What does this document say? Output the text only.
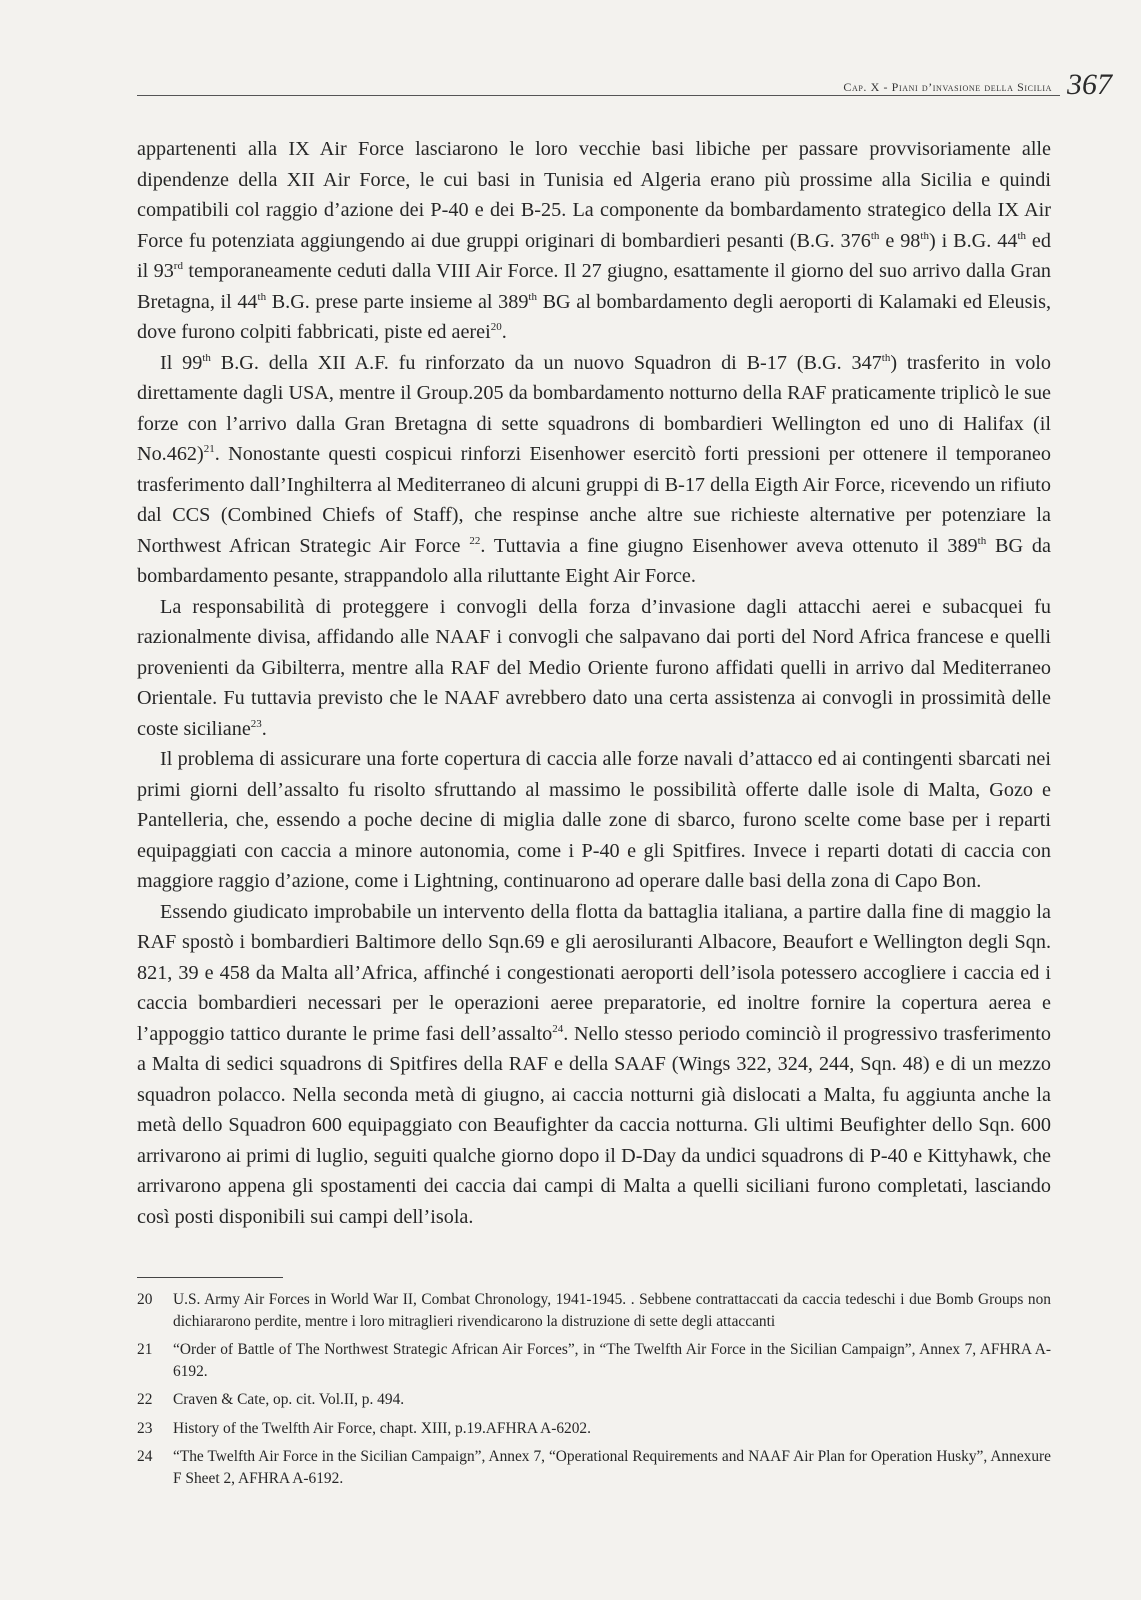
Cap. X - Piani d’invasione della Sicilia 367

appartenenti alla IX Air Force lasciarono le loro vecchie basi libiche per passare provvisoriamente alle dipendenze della XII Air Force, le cui basi in Tunisia ed Algeria erano più prossime alla Sicilia e quindi compatibili col raggio d’azione dei P-40 e dei B-25. La componente da bombardamento strategico della IX Air Force fu potenziata aggiungendo ai due gruppi originari di bombardieri pesanti (B.G. 376th e 98th) i B.G. 44th ed il 93rd temporaneamente ceduti dalla VIII Air Force. Il 27 giugno, esattamente il giorno del suo arrivo dalla Gran Bretagna, il 44th B.G. prese parte insieme al 389th BG al bombardamento degli aeroporti di Kalamaki ed Eleusis, dove furono colpiti fabbricati, piste ed aerei$^{20}$.

Il 99th B.G. della XII A.F. fu rinforzato da un nuovo Squadron di B-17 (B.G. 347th) trasferito in volo direttamente dagli USA, mentre il Group.205 da bombardamento notturno della RAF praticamente triplicò le sue forze con l’arrivo dalla Gran Bretagna di sette squadrons di bombardieri Wellington ed uno di Halifax (il No.462)$^{21}$. Nonostante questi cospicui rinforzi Eisenhower esercitò forti pressioni per ottenere il temporaneo trasferimento dall’Inghilterra al Mediterraneo di alcuni gruppi di B-17 della Eigth Air Force, ricevendo un rifiuto dal CCS (Combined Chiefs of Staff), che respinse anche altre sue richieste alternative per potenziare la Northwest African Strategic Air Force $^{22}$. Tuttavia a fine giugno Eisenhower aveva ottenuto il 389th BG da bombardamento pesante, strappandolo alla riluttante Eight Air Force.

La responsabilità di proteggere i convogli della forza d’invasione dagli attacchi aerei e subacquei fu razionalmente divisa, affidando alle NAAF i convogli che salpavano dai porti del Nord Africa francese e quelli provenienti da Gibilterra, mentre alla RAF del Medio Oriente furono affidati quelli in arrivo dal Mediterraneo Orientale. Fu tuttavia previsto che le NAAF avrebbero dato una certa assistenza ai convogli in prossimità delle coste siciliane$^{23}$.

Il problema di assicurare una forte copertura di caccia alle forze navali d’attacco ed ai contingenti sbarcati nei primi giorni dell’assalto fu risolto sfruttando al massimo le possibilità offerte dalle isole di Malta, Gozo e Pantelleria, che, essendo a poche decine di miglia dalle zone di sbarco, furono scelte come base per i reparti equipaggiati con caccia a minore autonomia, come i P-40 e gli Spitfires. Invece i reparti dotati di caccia con maggiore raggio d’azione, come i Lightning, continuarono ad operare dalle basi della zona di Capo Bon.

Essendo giudicato improbabile un intervento della flotta da battaglia italiana, a partire dalla fine di maggio la RAF spostò i bombardieri Baltimore dello Sqn.69 e gli aerosiluranti Albacore, Beaufort e Wellington degli Sqn. 821, 39 e 458 da Malta all’Africa, affinché i congestionati aeroporti dell’isola potessero accogliere i caccia ed i caccia bombardieri necessari per le operazioni aeree preparatorie, ed inoltre fornire la copertura aerea e l’appoggio tattico durante le prime fasi dell’assalto$^{24}$. Nello stesso periodo cominciò il progressivo trasferimento a Malta di sedici squadrons di Spitfires della RAF e della SAAF (Wings 322, 324, 244, Sqn. 48) e di un mezzo squadron polacco. Nella seconda metà di giugno, ai caccia notturni già dislocati a Malta, fu aggiunta anche la metà dello Squadron 600 equipaggiato con Beaufighter da caccia notturna. Gli ultimi Beufighter dello Sqn. 600 arrivarono ai primi di luglio, seguiti qualche giorno dopo il D-Day da undici squadrons di P-40 e Kittyhawk, che arrivarono appena gli spostamenti dei caccia dai campi di Malta a quelli siciliani furono completati, lasciando così posti disponibili sui campi dell’isola.

20	U.S. Army Air Forces in World War II, Combat Chronology, 1941-1945. . Sebbene contrattaccati da caccia tedeschi i due Bomb Groups non dichiararono perdite, mentre i loro mitraglieri rivendicarono la distruzione di sette degli attaccanti
21	“Order of Battle of The Northwest Strategic African Air Forces”, in “The Twelfth Air Force in the Sicilian Campaign”, Annex 7, AFHRA A- 6192.
22	Craven & Cate, op. cit. Vol.II, p. 494.
23	History of the Twelfth Air Force, chapt. XIII, p.19.AFHRA A-6202.
24	“The Twelfth Air Force in the Sicilian Campaign”, Annex 7, “Operational Requirements and NAAF Air Plan for Operation Husky”, Annexure F Sheet 2, AFHRA A-6192.
